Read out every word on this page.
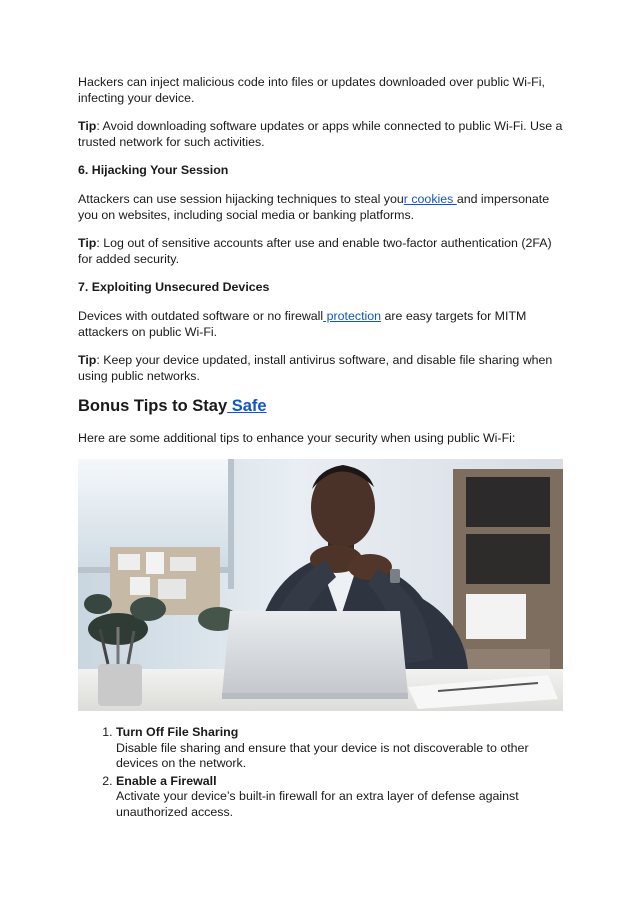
Hackers can inject malicious code into files or updates downloaded over public Wi-Fi, infecting your device.

Tip: Avoid downloading software updates or apps while connected to public Wi-Fi. Use a trusted network for such activities.

6. Hijacking Your Session

Attackers can use session hijacking techniques to steal your cookies and impersonate you on websites, including social media or banking platforms.

Tip: Log out of sensitive accounts after use and enable two-factor authentication (2FA) for added security.

7. Exploiting Unsecured Devices

Devices with outdated software or no firewall protection are easy targets for MITM attackers on public Wi-Fi.

Tip: Keep your device updated, install antivirus software, and disable file sharing when using public networks.

Bonus Tips to Stay Safe

Here are some additional tips to enhance your security when using public Wi-Fi:

1. Turn Off File Sharing
Disable file sharing and ensure that your device is not discoverable to other devices on the network.
2. Enable a Firewall
Activate your device’s built-in firewall for an extra layer of defense against unauthorized access.
